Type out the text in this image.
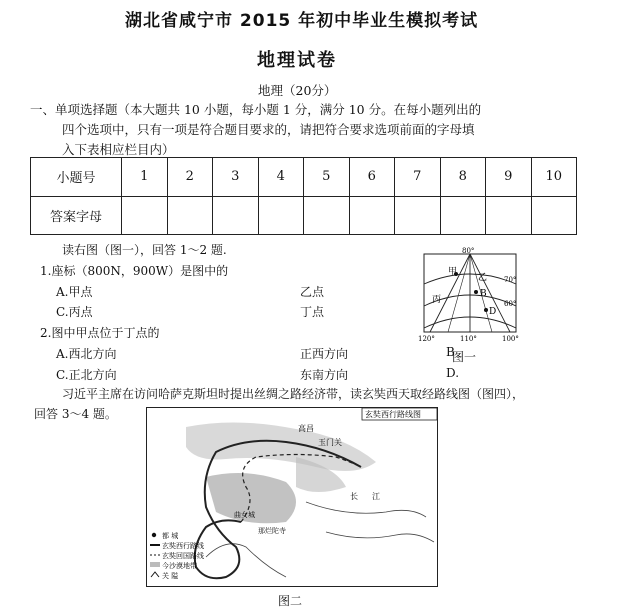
湖北省咸宁市 2015 年初中毕业生模拟考试
地理试卷
地理（20分）
一、单项选择题（本大题共 10 小题，每小题 1 分，满分 10 分。在每小题列出的
四个选项中，只有一项是符合题目要求的，请把符合要求选项前面的字母填
入下表相应栏目内）
小题号	1	2	3	4	5	6	7	8	9	10
答案字母										
读右图（图一），回答 1～2 题.
1.座标（800N，900W）是图中的
A.甲点	乙点
C.丙点	丁点
2.图中甲点位于丁点的
A.西北方向	正西方向
C.正北方向	东南方向
B
D.
甲
乙
丙
B
D
80°
70°
60°
120°	110°	100°
图一
习近平主席在访问哈萨克斯坦时提出丝绸之路经济带，读玄奘西天取经路线图（图四），
回答 3～4 题。	玄奘西行路线图
高昌
玉门关
长 江
曲女城
那烂陀寺
都 城
玄奘西行路线
玄奘回国路线
今沙漠地带
关 隘
图二
